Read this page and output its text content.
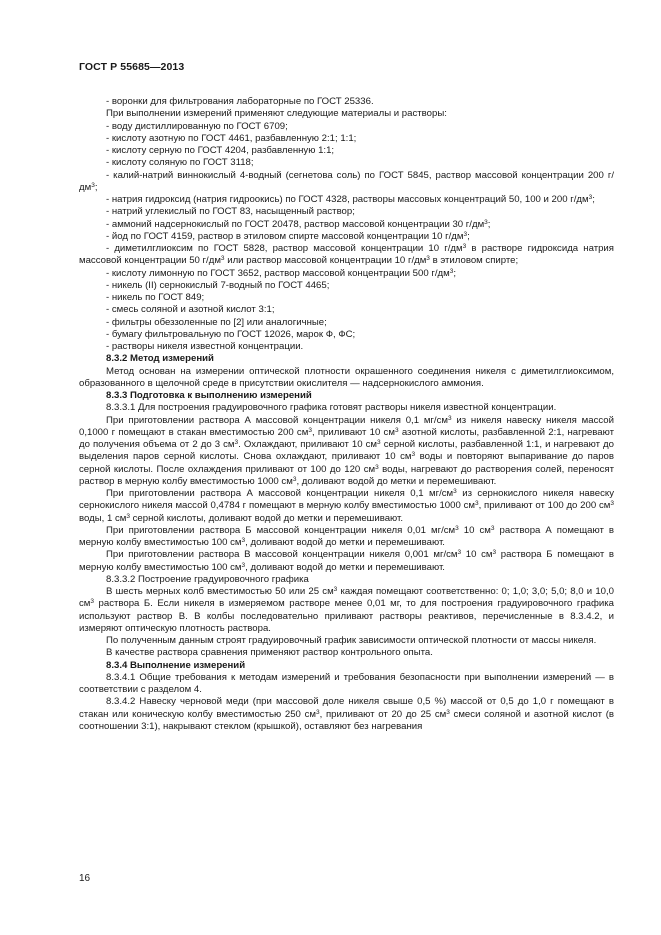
ГОСТ Р 55685—2013

- воронки для фильтрования лабораторные по ГОСТ 25336.

При выполнении измерений применяют следующие материалы и растворы:

- воду дистиллированную по ГОСТ 6709;

- кислоту азотную по ГОСТ 4461, разбавленную 2:1; 1:1;

- кислоту серную по ГОСТ 4204, разбавленную 1:1;

- кислоту соляную по ГОСТ 3118;

- калий-натрий виннокислый 4-водный (сегнетова соль) по ГОСТ 5845, раствор массовой концентрации 200 $г/дм^3$;

- натрия гидроксид (натрия гидроокись) по ГОСТ 4328, растворы массовых концентраций 50, 100 и 200 $г/дм^3$;

- натрий углекислый по ГОСТ 83, насыщенный раствор;

- аммоний надсернокислый по ГОСТ 20478, раствор массовой концентрации 30 $г/дм^3$;

- йод по ГОСТ 4159, раствор в этиловом спирте массовой концентрации 10 $г/дм^3$;

- диметилглиоксим по ГОСТ 5828, раствор массовой концентрации 10 $г/дм^3$ в растворе гидроксида натрия массовой концентрации 50 $г/дм^3$ или раствор массовой концентрации 10 $г/дм^3$ в этиловом спирте;

- кислоту лимонную по ГОСТ 3652, раствор массовой концентрации 500 $г/дм^3$;

- никель (II) сернокислый 7-водный по ГОСТ 4465;

- никель по ГОСТ 849;

- смесь соляной и азотной кислот 3:1;

- фильтры обеззоленные по [2] или аналогичные;

- бумагу фильтровальную по ГОСТ 12026, марок Ф, ФС;

- растворы никеля известной концентрации.

8.3.2 Метод измерений

Метод основан на измерении оптической плотности окрашенного соединения никеля с диметилглиоксимом, образованного в щелочной среде в присутствии окислителя — надсернокислого аммония.

8.3.3 Подготовка к выполнению измерений

8.3.3.1 Для построения градуировочного графика готовят растворы никеля известной концентрации.

При приготовлении раствора А массовой концентрации никеля 0,1 $мг/см^3$ из никеля навеску никеля массой 0,1000 г помещают в стакан вместимостью 200 $см^3$, приливают 10 $см^3$ азотной кислоты, разбавленной 2:1, нагревают до получения объема от 2 до 3 $см^3$. Охлаждают, приливают 10 $см^3$ серной кислоты, разбавленной 1:1, и нагревают до выделения паров серной кислоты. Снова охлаждают, приливают 10 $см^3$ воды и повторяют выпаривание до паров серной кислоты. После охлаждения приливают от 100 до 120 $см^3$ воды, нагревают до растворения солей, переносят раствор в мерную колбу вместимостью 1000 $см^3$, доливают водой до метки и перемешивают.

При приготовлении раствора А массовой концентрации никеля 0,1 $мг/см^3$ из сернокислого никеля навеску сернокислого никеля массой 0,4784 г помещают в мерную колбу вместимостью 1000 $см^3$, приливают от 100 до 200 $см^3$ воды, 1 $см^3$ серной кислоты, доливают водой до метки и перемешивают.

При приготовлении раствора Б массовой концентрации никеля 0,01 $мг/см^3$ 10 $см^3$ раствора А помещают в мерную колбу вместимостью 100 $см^3$, доливают водой до метки и перемешивают.

При приготовлении раствора В массовой концентрации никеля 0,001 $мг/см^3$ 10 $см^3$ раствора Б помещают в мерную колбу вместимостью 100 $см^3$, доливают водой до метки и перемешивают.

8.3.3.2 Построение градуировочного графика

В шесть мерных колб вместимостью 50 или 25 $см^3$ каждая помещают соответственно: 0; 1,0; 3,0; 5,0; 8,0 и 10,0 $см^3$ раствора Б. Если никеля в измеряемом растворе менее 0,01 мг, то для построения градуировочного графика используют раствор В. В колбы последовательно приливают растворы реактивов, перечисленные в 8.3.4.2, и измеряют оптическую плотность раствора.

По полученным данным строят градуировочный график зависимости оптической плотности от массы никеля.

В качестве раствора сравнения применяют раствор контрольного опыта.

8.3.4 Выполнение измерений

8.3.4.1 Общие требования к методам измерений и требования безопасности при выполнении измерений — в соответствии с разделом 4.

8.3.4.2 Навеску черновой меди (при массовой доле никеля свыше 0,5 %) массой от 0,5 до 1,0 г помещают в стакан или коническую колбу вместимостью 250 $см^3$, приливают от 20 до 25 $см^3$ смеси соляной и азотной кислот (в соотношении 3:1), накрывают стеклом (крышкой), оставляют без нагревания

16
